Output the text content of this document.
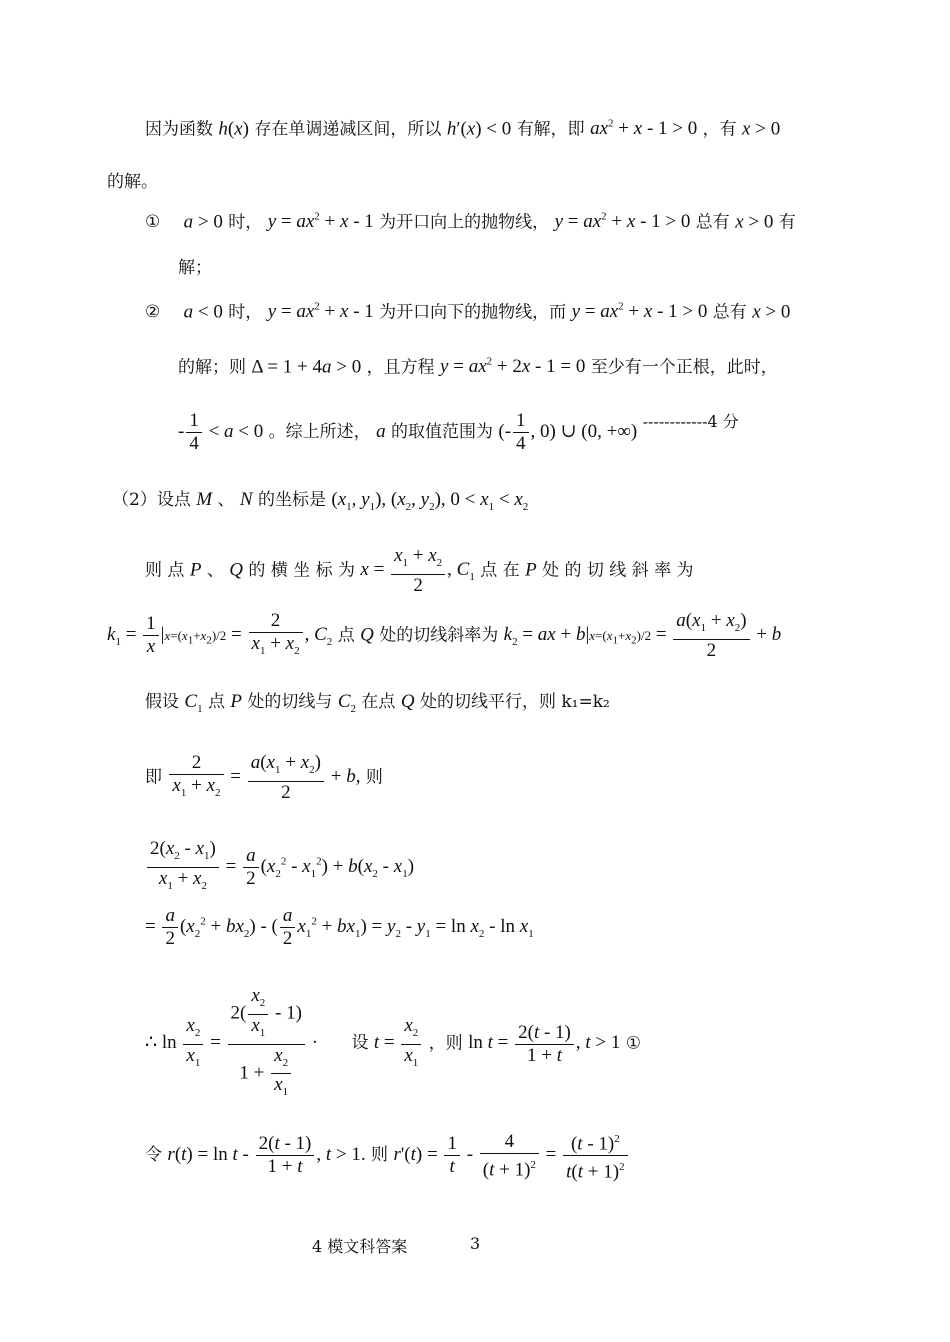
因为函数 h(x) 存在单调递减区间，所以 h′(x) < 0 有解，即 $ax^2 + x - 1 > 0$ ，有 x > 0
的解。
① a > 0 时， $y = ax^2 + x - 1$ 为开口向上的抛物线， $y = ax^2 + x - 1 > 0$ 总有 x > 0 有
解；
② a < 0 时， $y = ax^2 + x - 1$ 为开口向下的抛物线，而 $y = ax^2 + x - 1 > 0$ 总有 x > 0
的解；则 Δ = 1 + 4a > 0 ，且方程 $y = ax^2 + 2x - 1 = 0$ 至少有一个正根，此时，
- $\frac{1}{4} < a < 0$ 。综上所述， a 的取值范围为 (- $\frac{1}{4}$ , 0) ∪ (0, +∞) ------------4 分
（2）设点 M 、 N 的坐标是 ($x_1$, $y_1$), ($x_2$, $y_2$), $0 < x_1 < x_2$
则 点 P 、 Q 的 横 坐 标 为 $x = \frac{x_1 + x_2}{2}$ , $C_1$ 点 在 P 处 的 切 线 斜 率 为
$k_1 = \frac{1}{x} |x=(x_1+x_2)/2 = \frac{2}{x_1 + x_2}$ , $C_2$ 点 Q 处的切线斜率为 $k_2$ = ax + $b|x=(x_1+x_2)/2 = \frac{a(x_1 + x_2)}{2} + b$
假设 $C_1$ 点 P 处的切线与 $C_2$ 在点 Q 处的切线平行，则 k₁=k₂
即 $\frac{2}{x_1 + x_2} = \frac{a(x_1 + x_2)}{2} + b$, 则
$\frac{2(x_2 - x_1)}{x_1 + x_2} = \frac{a}{2} (x_2^2 - x_1^2) + b(x_2 - x_1)$
= $\frac{a}{2} (x_2^2 + bx_2)$ - ( $\frac{a}{2} x_1^2 + bx_1) = y_2 - y_1 = \ln x_2 - \ln x_1$
∴ $\ln \frac{x_2}{x_1} = \frac{2( \frac{x_2}{x_1} - 1)}{1 + \frac{x_2}{x_1}}$ · 设 $t = \frac{x_2}{x_1}$ ，则 $\ln t = \frac{2(t - 1)}{1 + t}$ , t > 1 ①
令 $r(t) = \ln t - \frac{2(t - 1)}{1 + t}$ , t > 1. 则 $r'(t) = \frac{1}{t} - \frac{4}{(t + 1)^2} = \frac{(t - 1)^2}{t(t + 1)^2}$
4 模文科答案	3
